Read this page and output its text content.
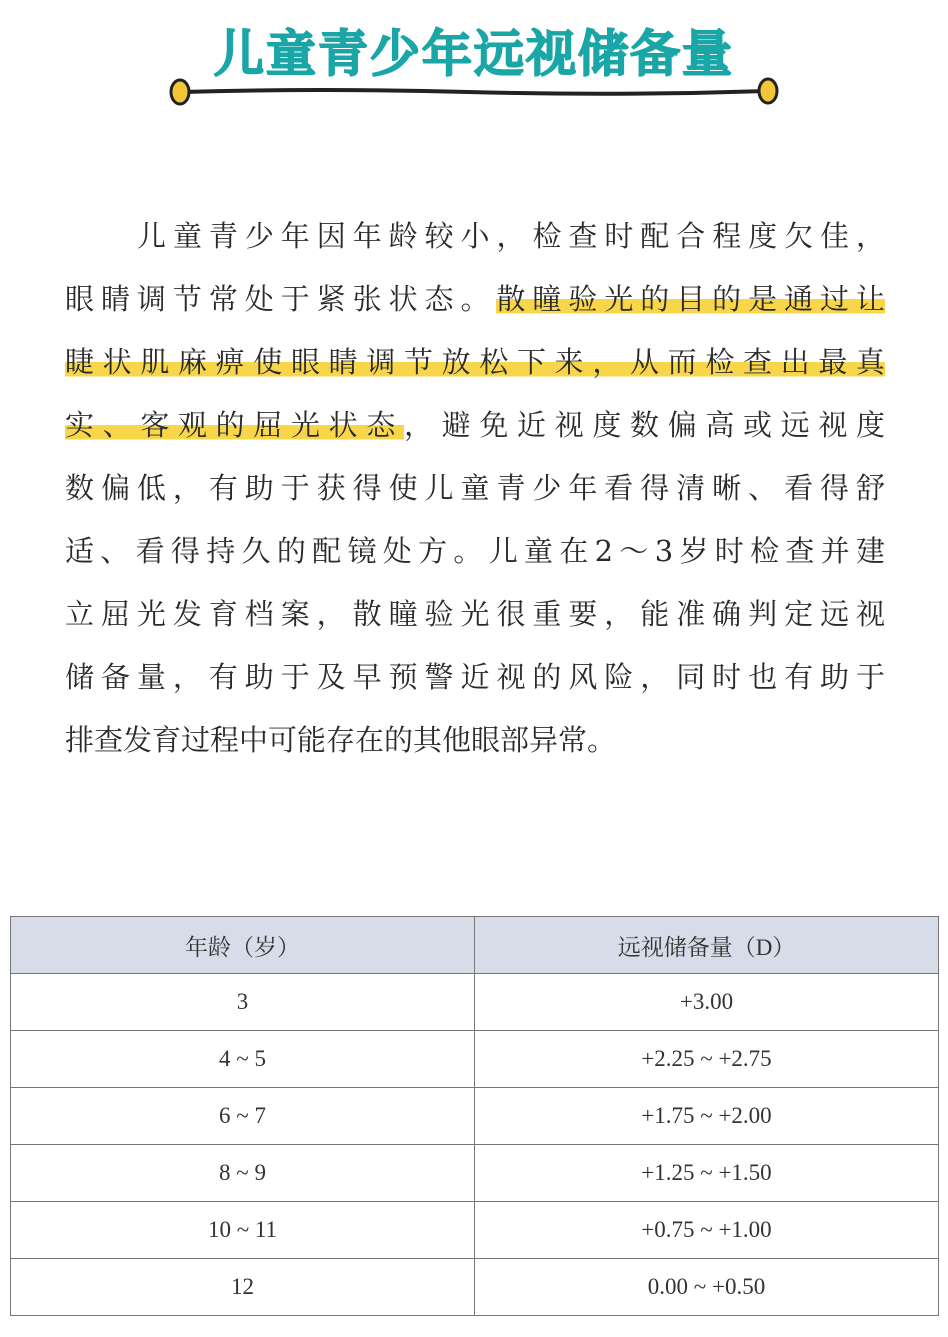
儿童青少年远视储备量
儿童青少年因年龄较小，检查时配合程度欠佳，
眼睛调节常处于紧张状态。散瞳验光的目的是通过让
睫状肌麻痹使眼睛调节放松下来，从而检查出最真
实、客观的屈光状态，避免近视度数偏高或远视度
数偏低，有助于获得使儿童青少年看得清晰、看得舒
适、看得持久的配镜处方。儿童在2～3岁时检查并建
立屈光发育档案，散瞳验光很重要，能准确判定远视
储备量，有助于及早预警近视的风险，同时也有助于
排查发育过程中可能存在的其他眼部异常。
年龄（岁）	远视储备量（D）
3	+3.00
4 ~ 5	+2.25 ~ +2.75
6 ~ 7	+1.75 ~ +2.00
8 ~ 9	+1.25 ~ +1.50
10 ~ 11	+0.75 ~ +1.00
12	0.00 ~ +0.50
